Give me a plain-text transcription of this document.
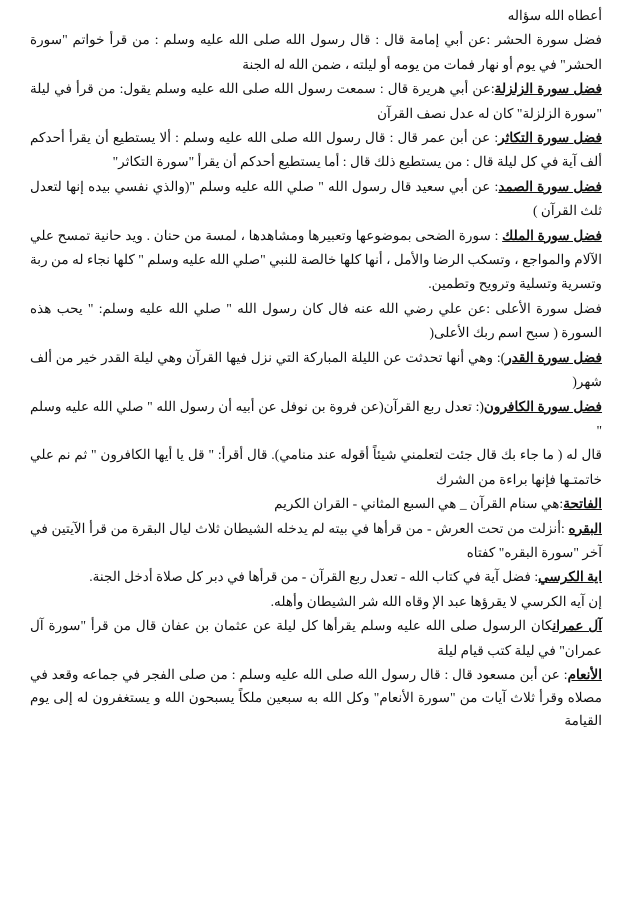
أعطاه الله سؤاله

فضل سورة الحشر :عن أبي إمامة قال : قال رسول الله صلى الله عليه وسلم : من قرأ خواتم "سورة الحشر" في يوم أو نهار فمات من يومه أو ليلته ، ضمن الله له الجنة

فضل سورة الزلزلة:عن أبي هريرة قال : سمعت رسول الله صلى الله عليه وسلم يقول: من قرأ في ليلة "سورة الزلزلة" كان له عدل نصف القرآن

فضل سورة التكاثر: عن أبن عمر قال : قال رسول الله صلى الله عليه وسلم : ألا يستطيع أن يقرأ أحدكم ألف آية في كل ليلة قال : من يستطيع ذلك قال : أما يستطيع أحدكم أن يقرأ "سورة التكاثر"

فضل سورة الصمد: عن أبي سعيد قال رسول الله " صلي الله عليه وسلم "(والذي نفسي بيده إنها لتعدل ثلث القرآن )

فضل سورة الملك : سورة الضحى بموضوعها وتعبيرها ومشاهدها ، لمسة من حنان . ويد حانية تمسح علي الآلام والمواجع ، وتسكب الرضا والأمل ، أنها كلها خالصة للنبي "صلي الله عليه وسلم " كلها نجاء له من ربة وتسرية وتسلية وترويح وتطمين.

فضل سورة الأعلى :عن علي رضي الله عنه فال كان رسول الله " صلي الله عليه وسلم: " يحب هذه السورة ( سبح اسم ربك الأعلى(

فضل سورة القدر): وهي أنها تحدثت عن الليلة المباركة التي نزل فيها القرآن وهي ليلة القدر خير من ألف شهر(

فضل سورة الكافرون(: تعدل ربع القرآن(عن فروة بن نوفل عن أبيه أن رسول الله " صلي الله عليه وسلم "

قال له ( ما جاء بك قال جئت لتعلمني شيئاً أقوله عند منامي). قال أقرأ: " قل يا أيها الكافرون " ثم نم علي خاتمتـها فإنها براءة من الشرك

الفاتحة:هي سنام القرآن _ هي السبع المثاني - القران الكريم

البقره :أنزلت من تحت العرش - من قرأها في بيته لم يدخله الشيطان ثلاث ليال البقرة من قرأ الآيتين في آخر "سورة البقره" كفتاه

اية الكرسي: فضل آية في كتاب الله - تعدل ربع القرآن - من قرأها في دبر كل صلاة أدخل الجنة.

إن آيه الكرسي لا يقرؤها عبد الإ وقاه الله شر الشيطان وأهله.

آل عمرانكان الرسول صلى الله عليه وسلم يقرأها كل ليلة عن عثمان بن عفان قال من قرأ "سورة آل عمران" في ليلة كتب قيام ليلة

الأنعام: عن أبن مسعود قال : قال رسول الله صلى الله عليه وسلم : من صلى الفجر في جماعه وقعد في مصلاه وقرأ ثلاث آيات من "سورة الأنعام" وكل الله به سبعين ملكاً يسبحون الله و يستغفرون له إلى يوم القيامة
